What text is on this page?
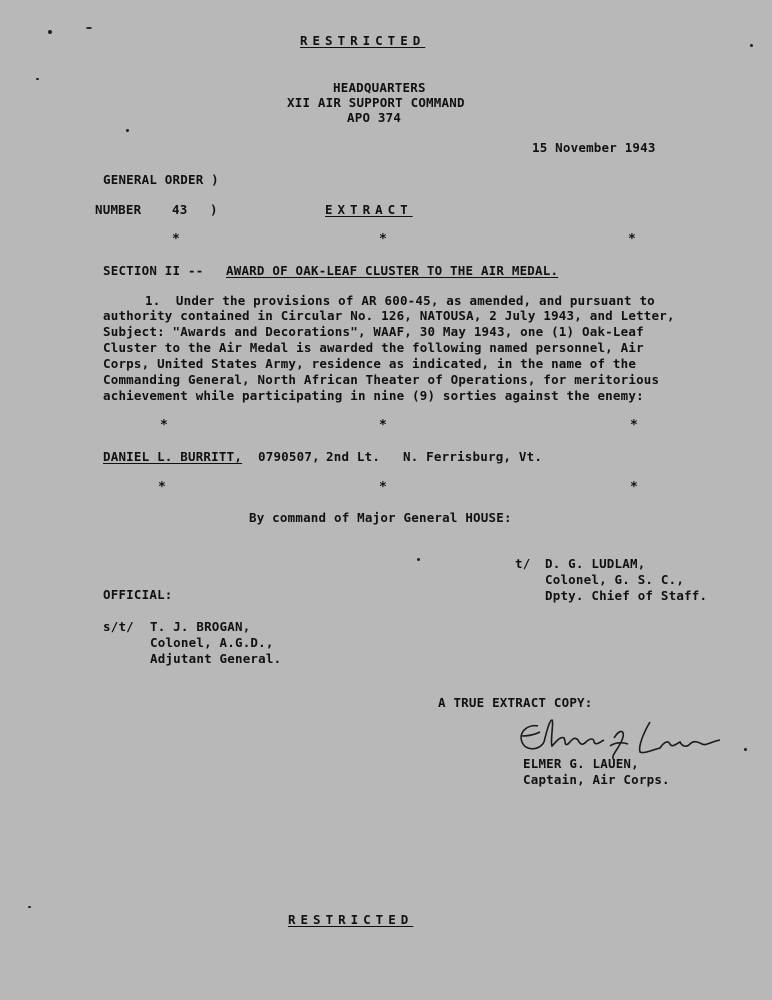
RESTRICTED
HEADQUARTERS
XII AIR SUPPORT COMMAND
APO 374
15 November 1943
GENERAL ORDER )
NUMBER 43 )	EXTRACT
*	*	*
SECTION II -- AWARD OF OAK-LEAF CLUSTER TO THE AIR MEDAL.
1.  Under the provisions of AR 600-45, as amended, and pursuant to
authority contained in Circular No. 126, NATOUSA, 2 July 1943, and Letter,
Subject: "Awards and Decorations", WAAF, 30 May 1943, one (1) Oak-Leaf
Cluster to the Air Medal is awarded the following named personnel, Air
Corps, United States Army, residence as indicated, in the name of the
Commanding General, North African Theater of Operations, for meritorious
achievement while participating in nine (9) sorties against the enemy:
*	*	*
DANIEL L. BURRITT, 0790507, 2nd Lt. N. Ferrisburg, Vt.
*	*	*
By command of Major General HOUSE:
t/ D. G. LUDLAM,
Colonel, G. S. C.,
Dpty. Chief of Staff.
OFFICIAL:
s/t/ T. J. BROGAN,
Colonel, A.G.D.,
Adjutant General.
A TRUE EXTRACT COPY:
ELMER G. LAUEN,
Captain, Air Corps.
RESTRICTED
